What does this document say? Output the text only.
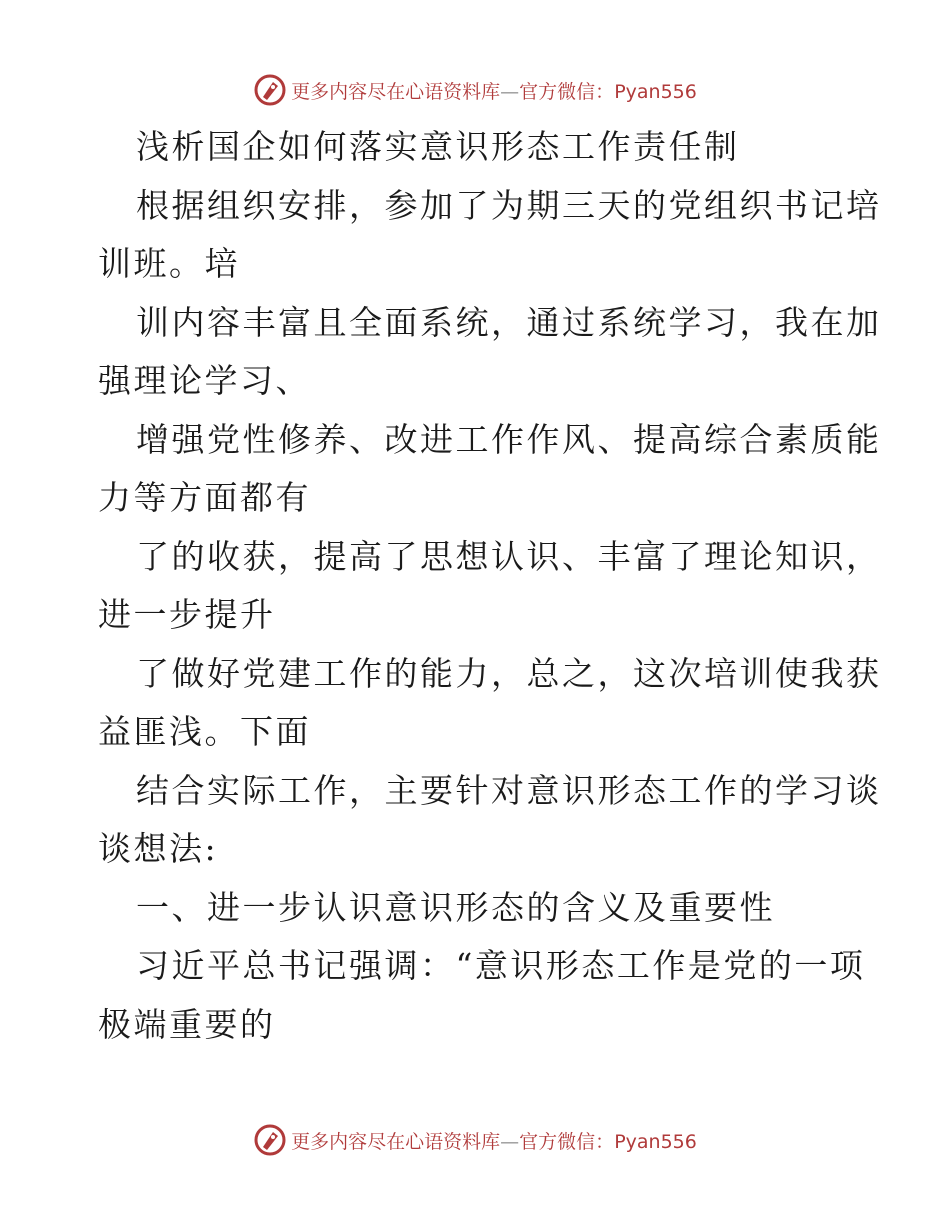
更多内容尽在心语资料库—官方微信：Pyan556
浅析国企如何落实意识形态工作责任制
根据组织安排，参加了为期三天的党组织书记培
训班。培
训内容丰富且全面系统，通过系统学习，我在加
强理论学习、
增强党性修养、改进工作作风、提高综合素质能
力等方面都有
了的收获，提高了思想认识、丰富了理论知识，
进一步提升
了做好党建工作的能力，总之，这次培训使我获
益匪浅。下面
结合实际工作，主要针对意识形态工作的学习谈
谈想法:
一、进一步认识意识形态的含义及重要性
习近平总书记强调：“意识形态工作是党的一项
极端重要的
更多内容尽在心语资料库—官方微信：Pyan556
